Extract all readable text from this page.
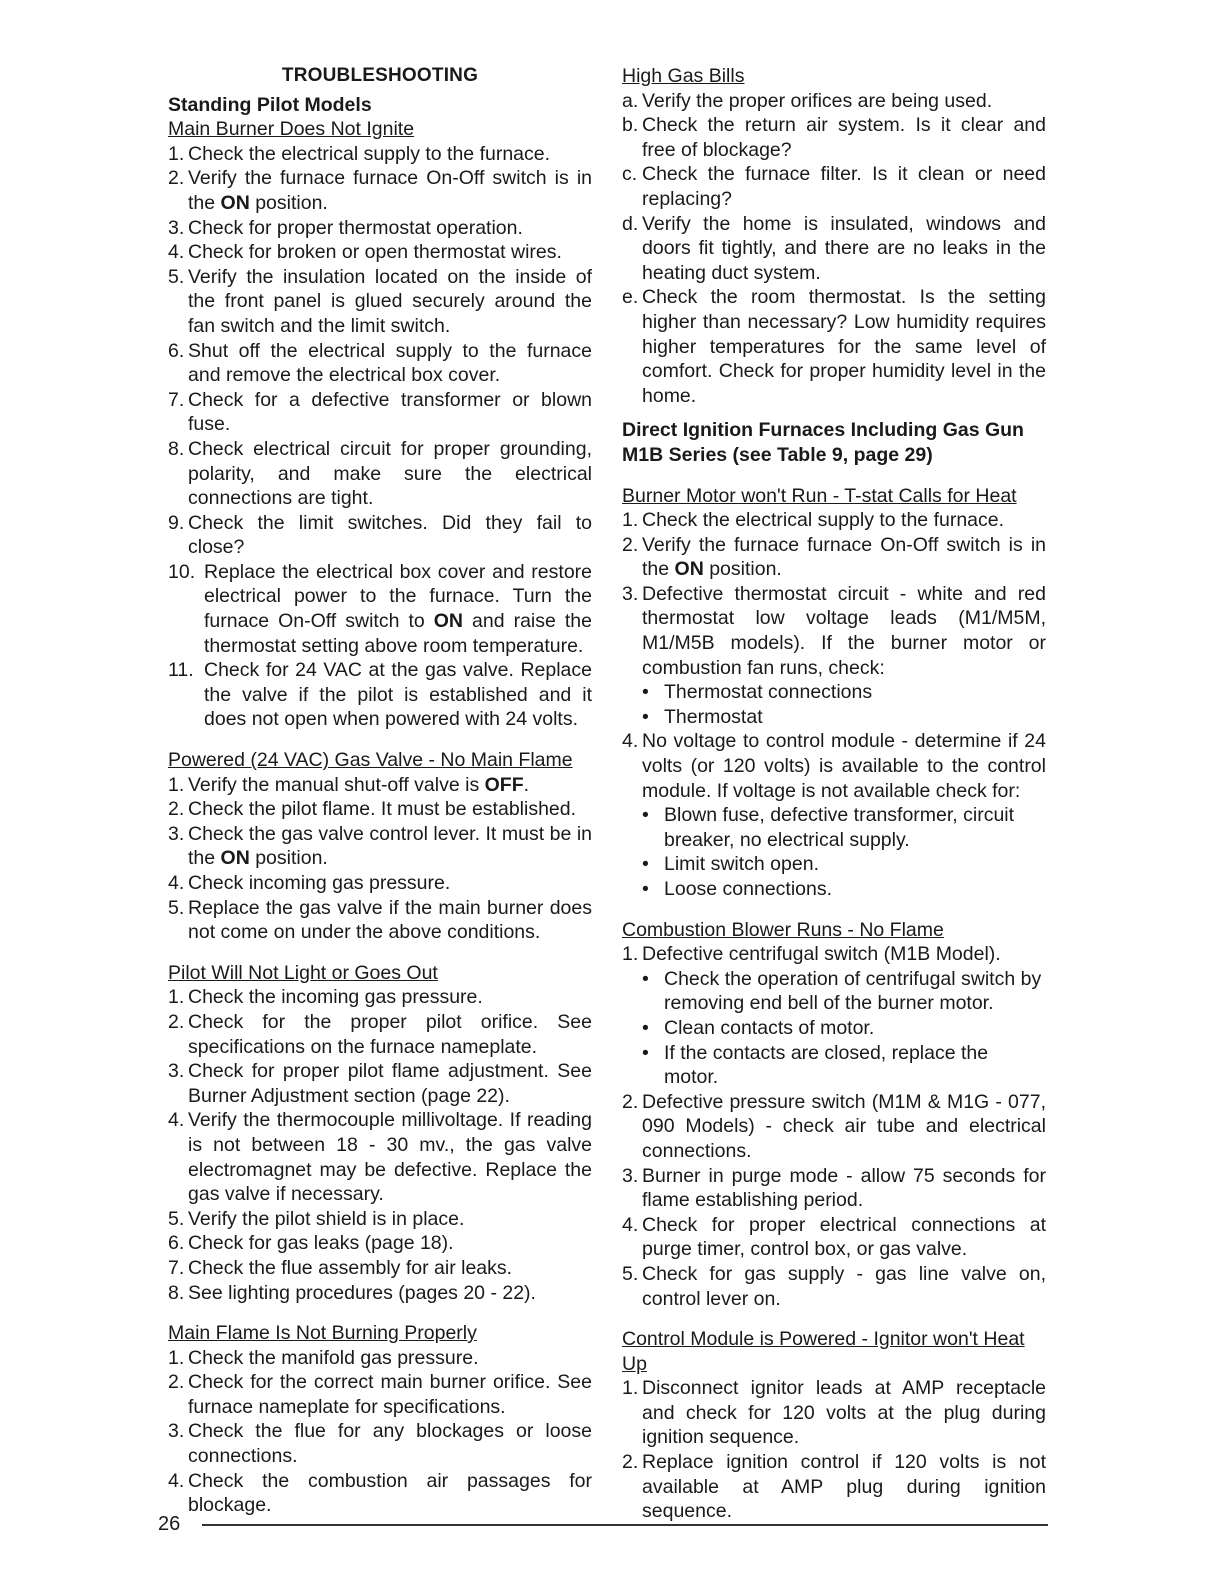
TROUBLESHOOTING
Standing Pilot Models
Main Burner Does Not Ignite
1. Check the electrical supply to the furnace.
2. Verify the furnace furnace On-Off switch is in the ON position.
3. Check for proper thermostat operation.
4. Check for broken or open thermostat wires.
5. Verify the insulation located on the inside of the front panel is glued securely around the fan switch and the limit switch.
6. Shut off the electrical supply to the furnace and remove the electrical box cover.
7. Check for a defective transformer or blown fuse.
8. Check electrical circuit for proper grounding, polarity, and make sure the electrical connections are tight.
9. Check the limit switches. Did they fail to close?
10. Replace the electrical box cover and restore electrical power to the furnace. Turn the furnace On-Off switch to ON and raise the thermostat setting above room temperature.
11. Check for 24 VAC at the gas valve. Replace the valve if the pilot is established and it does not open when powered with 24 volts.
Powered (24 VAC) Gas Valve - No Main Flame
1. Verify the manual shut-off valve is OFF.
2. Check the pilot flame. It must be established.
3. Check the gas valve control lever. It must be in the ON position.
4. Check incoming gas pressure.
5. Replace the gas valve if the main burner does not come on under the above conditions.
Pilot Will Not Light or Goes Out
1. Check the incoming gas pressure.
2. Check for the proper pilot orifice. See specifications on the furnace nameplate.
3. Check for proper pilot flame adjustment. See Burner Adjustment section (page 22).
4. Verify the thermocouple millivoltage. If reading is not between 18 - 30 mv., the gas valve electromagnet may be defective. Replace the gas valve if necessary.
5. Verify the pilot shield is in place.
6. Check for gas leaks (page 18).
7. Check the flue assembly for air leaks.
8. See lighting procedures (pages 20 - 22).
Main Flame Is Not Burning Properly
1. Check the manifold gas pressure.
2. Check for the correct main burner orifice. See furnace nameplate for specifications.
3. Check the flue for any blockages or loose connections.
4. Check the combustion air passages for blockage.
High Gas Bills
a. Verify the proper orifices are being used.
b. Check the return air system. Is it clear and free of blockage?
c. Check the furnace filter. Is it clean or need replacing?
d. Verify the home is insulated, windows and doors fit tightly, and there are no leaks in the heating duct system.
e. Check the room thermostat. Is the setting higher than necessary? Low humidity requires higher temperatures for the same level of comfort. Check for proper humidity level in the home.
Direct Ignition Furnaces Including Gas Gun M1B Series (see Table 9, page 29)
Burner Motor won't Run - T-stat Calls for Heat
1. Check the electrical supply to the furnace.
2. Verify the furnace furnace On-Off switch is in the ON position.
3. Defective thermostat circuit - white and red thermostat low voltage leads (M1/M5M, M1/M5B models). If the burner motor or combustion fan runs, check:
• Thermostat connections
• Thermostat
4. No voltage to control module - determine if 24 volts (or 120 volts) is available to the control module. If voltage is not available check for:
• Blown fuse, defective transformer, circuit breaker, no electrical supply.
• Limit switch open.
• Loose connections.
Combustion Blower Runs - No Flame
1. Defective centrifugal switch (M1B Model).
• Check the operation of centrifugal switch by removing end bell of the burner motor.
• Clean contacts of motor.
• If the contacts are closed, replace the motor.
2. Defective pressure switch (M1M & M1G - 077, 090 Models) - check air tube and electrical connections.
3. Burner in purge mode - allow 75 seconds for flame establishing period.
4. Check for proper electrical connections at purge timer, control box, or gas valve.
5. Check for gas supply - gas line valve on, control lever on.
Control Module is Powered - Ignitor won't Heat Up
1. Disconnect ignitor leads at AMP receptacle and check for 120 volts at the plug during ignition sequence.
2. Replace ignition control if 120 volts is not available at AMP plug during ignition sequence.
26
